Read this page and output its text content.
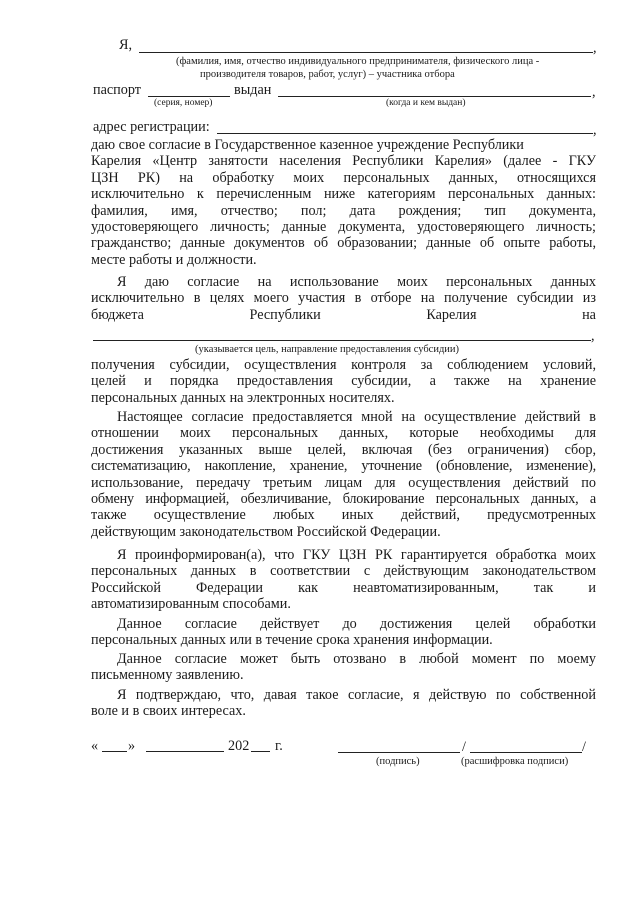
Я,	,
(фамилия, имя, отчество индивидуального предпринимателя, физического лица -
производителя товаров, работ, услуг) – участника отбора
паспорт	выдан	,
(серия, номер)	(когда и кем выдан)
адрес регистрации:	,
даю свое согласие в Государственное казенное учреждение Республики

Карелия «Центр занятости населения Республики Карелия» (далее - ГКУ

ЦЗН РК) на обработку моих персональных данных, относящихся

исключительно к перечисленным ниже категориям персональных данных:

фамилия, имя, отчество; пол; дата рождения; тип документа,

удостоверяющего личность; данные документа, удостоверяющего личность;

гражданство; данные документов об образовании; данные об опыте работы,

месте работы и должности.

Я даю согласие на использование моих персональных данных

исключительно в целях моего участия в отборе на получение субсидии из

бюджета	Республики	Карелия	на
,
(указывается цель, направление предоставления субсидии)

получения субсидии, осуществления контроля за соблюдением условий,

целей и порядка предоставления субсидии, а также на хранение

персональных данных на электронных носителях.

Настоящее согласие предоставляется мной на осуществление действий в

отношении моих персональных данных, которые необходимы для

достижения указанных выше целей, включая (без ограничения) сбор,

систематизацию, накопление, хранение, уточнение (обновление, изменение),

использование, передачу третьим лицам для осуществления действий по

обмену информацией, обезличивание, блокирование персональных данных, а

также осуществление любых иных действий, предусмотренных

действующим законодательством Российской Федерации.

Я проинформирован(а), что ГКУ ЦЗН РК гарантируется обработка моих

персональных данных в соответствии с действующим законодательством

Российской Федерации как неавтоматизированным, так и

автоматизированным способами.

Данное согласие действует до достижения целей обработки

персональных данных или в течение срока хранения информации.

Данное согласие может быть отозвано в любой момент по моему

письменному заявлению.

Я подтверждаю, что, давая такое согласие, я действую по собственной

воле и в своих интересах.

« »	202 г.	/	/
(подпись)	(расшифровка подписи)
